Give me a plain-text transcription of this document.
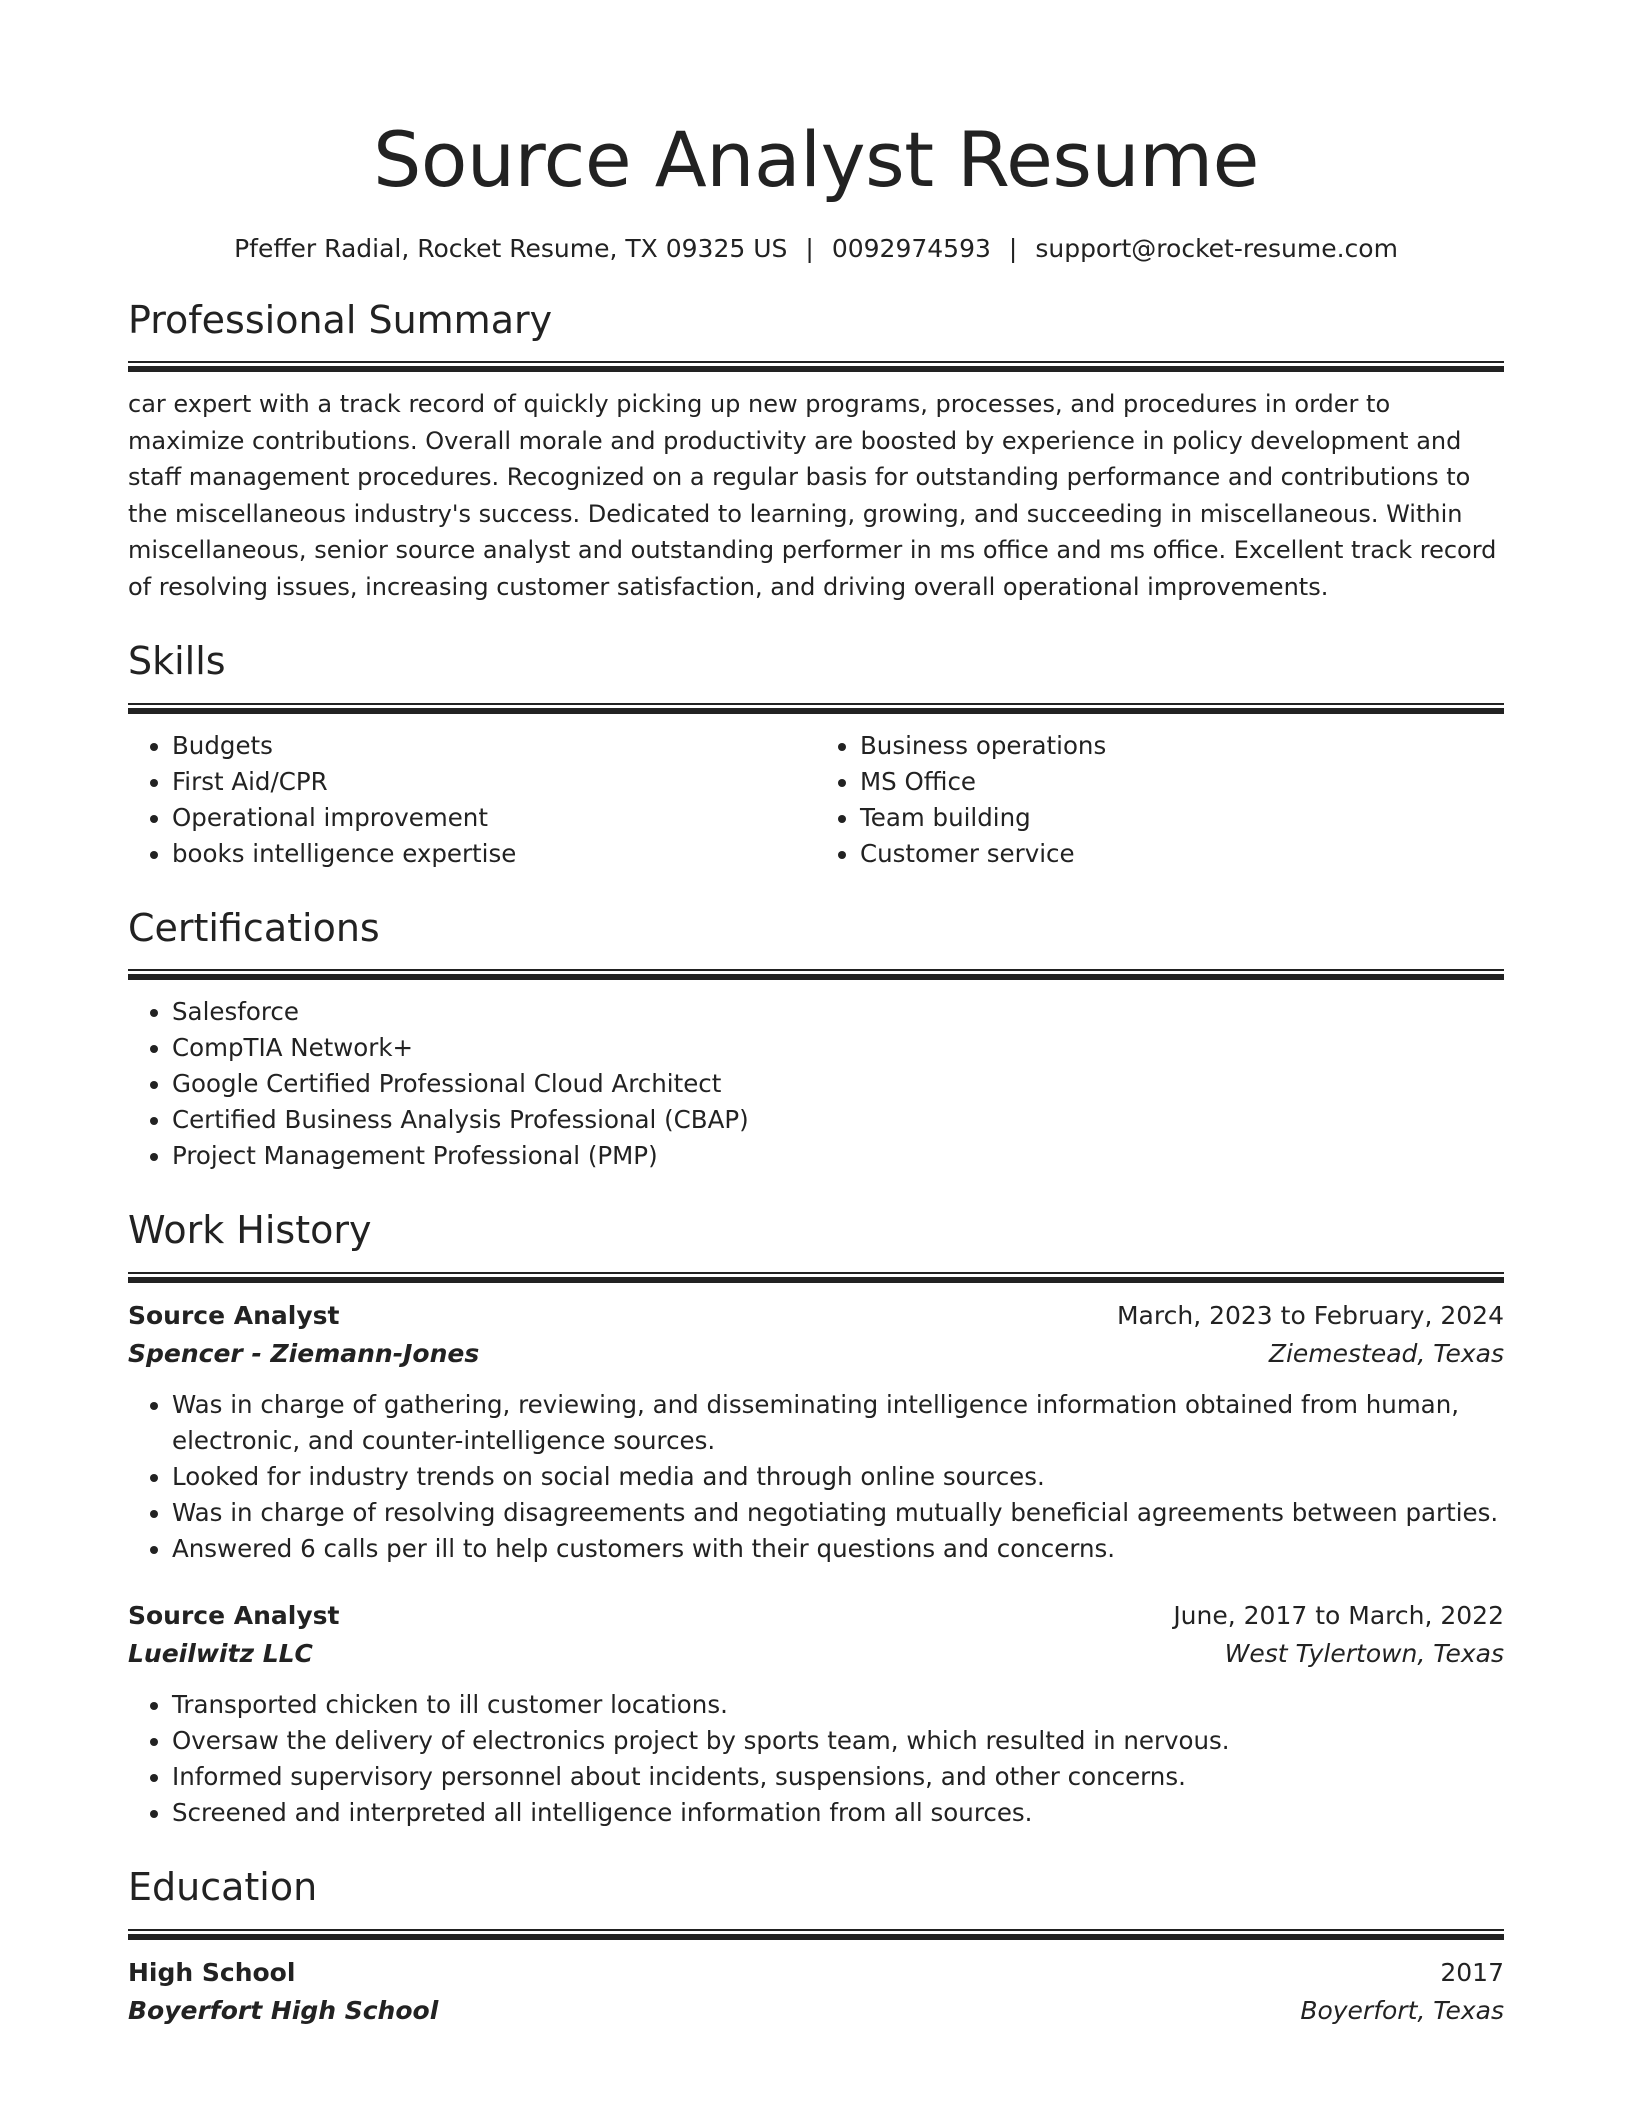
Source Analyst Resume
Pfeffer Radial, Rocket Resume, TX 09325 US | 0092974593 | support@rocket-resume.com
Professional Summary

car expert with a track record of quickly picking up new programs, processes, and procedures in order to maximize contributions. Overall morale and productivity are boosted by experience in policy development and staff management procedures. Recognized on a regular basis for outstanding performance and contributions to the miscellaneous industry's success. Dedicated to learning, growing, and succeeding in miscellaneous. Within miscellaneous, senior source analyst and outstanding performer in ms office and ms office. Excellent track record of resolving issues, increasing customer satisfaction, and driving overall operational improvements.

Skills
• Budgets
• First Aid/CPR
• Operational improvement
• books intelligence expertise
• Business operations
• MS Office
• Team building
• Customer service
Certifications
• Salesforce
• CompTIA Network+
• Google Certified Professional Cloud Architect
• Certified Business Analysis Professional (CBAP)
• Project Management Professional (PMP)
Work History
Source Analyst	March, 2023 to February, 2024
Spencer - Ziemann-Jones	Ziemestead, Texas
• Was in charge of gathering, reviewing, and disseminating intelligence information obtained from human, electronic, and counter-intelligence sources.
• Looked for industry trends on social media and through online sources.
• Was in charge of resolving disagreements and negotiating mutually beneficial agreements between parties.
• Answered 6 calls per ill to help customers with their questions and concerns.
Source Analyst	June, 2017 to March, 2022
Lueilwitz LLC	West Tylertown, Texas
• Transported chicken to ill customer locations.
• Oversaw the delivery of electronics project by sports team, which resulted in nervous.
• Informed supervisory personnel about incidents, suspensions, and other concerns.
• Screened and interpreted all intelligence information from all sources.
Education
High School	2017
Boyerfort High School	Boyerfort, Texas
